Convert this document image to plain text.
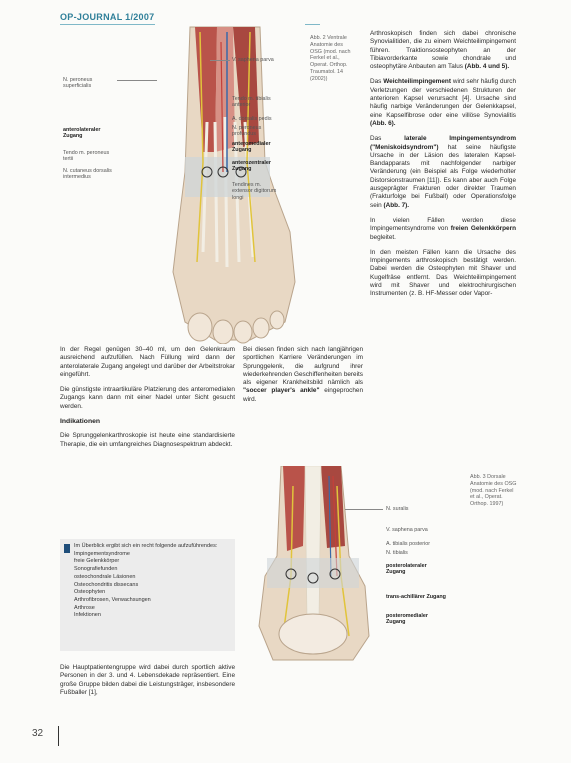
OP-JOURNAL 1/2007
Abb. 2 Ventrale Anatomie des OSG (mod. nach Ferkel et al., Operat. Orthop. Traumatol. 14 (2002))
V. saphena parva
N. peroneus superficialis
Tendo m. tibialis anterior
A. dorsalis pedis
N. peroneus profundus
anteromedialer Zugang
anterozentraler Zugang
Tendines m. extensor digitorum longi
anterolateraler Zugang
Tendo m. peroneus tertii
N. cutaneus dorsalis intermedius

Arthroskopisch finden sich dabei chronische Synovialitiden, die zu einem Weichteilimpingement führen. Traktionsosteophyten an der Tibiavorderkante sowie chondrale und osteophytäre Anbauten am Talus (Abb. 4 und 5).

Das Weichteilimpingement wird sehr häufig durch Verletzungen der verschiedenen Strukturen der anterioren Kapsel verursacht [4]. Ursache sind häufig narbige Veränderungen der Gelenkkapsel, eine Kapselfibrose oder eine villöse Synovialitis (Abb. 6).

Das	laterale Impingementsyndrom ("Meniskoidsyndrom") hat seine häufigste Ursache in der Läsion des lateralen Kapsel-Bandapparats mit nachfolgender narbiger Veränderung (ein Beispiel als Folge wiederholter Distorsionstraumen [11]). Es kann aber auch Folge ausgeprägter Frakturen oder direkter Traumen (Frakturfolge bei Fußball) oder Operationsfolge sein (Abb. 7).

In vielen Fällen werden diese Impingementsyndrome von freien Gelenkkörpern begleitet.

In den meisten Fällen kann die Ursache des Impingements arthroskopisch bestätigt werden. Dabei werden die Osteophyten mit Shaver und Kugelfräse entfernt. Das Weichteilimpingement wird mit Shaver und elektrochirurgischen Instrumenten (z. B. HF-Messer oder Vapor-

In der Regel genügen 30–40 ml, um den Gelenkraum ausreichend aufzufüllen. Nach Füllung wird dann der anterolaterale Zugang angelegt und darüber der Arbeitstrokar eingeführt.

Die günstigste intraartikuläre Platzierung des anteromedialen Zugangs kann dann mit einer Nadel unter Sicht gesucht werden.

Indikationen

Die Sprunggelenkarthroskopie ist heute eine standardisierte Therapie, die ein umfangreiches Diagnosespektrum abdeckt.

Im Überblick ergibt sich ein recht folgende aufzuführendes:
Impingementsyndrome
freie Gelenkkörper
Sonografiefunden
osteochondrale Läsionen
Osteochondritis dissecans
Osteophyten
Arthrofibrosen, Verwachsungen
Arthrose
Infektionen

Die Hauptpatientengruppe wird dabei durch sportlich aktive Personen in der 3. und 4. Lebensdekade repräsentiert. Eine große Gruppe bilden dabei die Leistungsträger, insbesondere Fußballer [1],

Bei diesen finden sich nach langjährigen sportlichen Karriere Veränderungen im Sprunggelenk, die aufgrund ihrer wiederkehrenden Geschiffenheiten bereits als eigener Krankheitsbild nämlich als "soccer player's ankle" eingeprochen wird.

Abb. 3 Dorsale Anatomie des OSG (mod. nach Ferkel et al., Operat. Orthop. 1997)
N. suralis
V. saphena parva
A. tibialis posterior
N. tibialis
posterolateraler Zugang
trans-achillärer Zugang
posteromedialer Zugang
32
